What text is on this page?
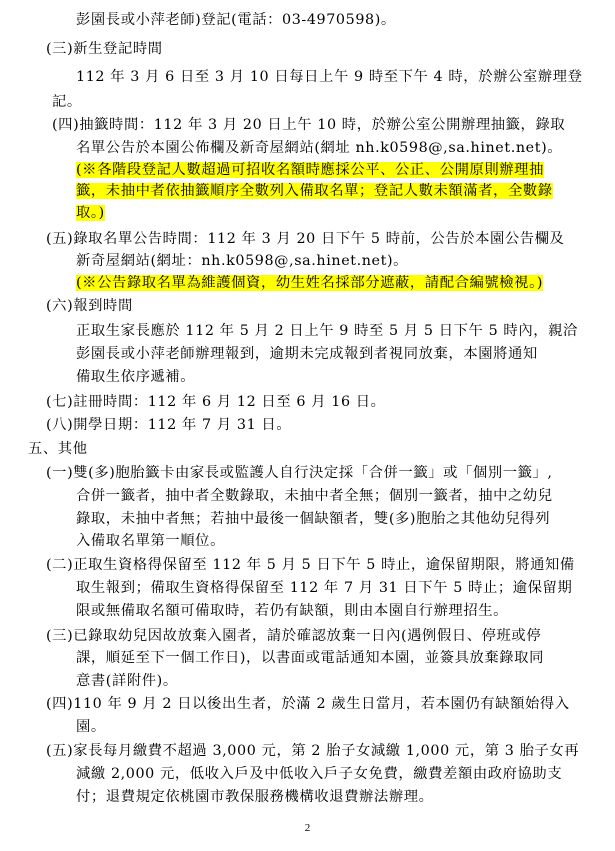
彭園長或小萍老師)登記(電話：03-4970598)。
(三)新生登記時間
112 年 3 月 6 日至 3 月 10 日每日上午 9 時至下午 4 時，於辦公室辦理登
記。
(四)抽籤時間：112 年 3 月 20 日上午 10 時，於辦公室公開辦理抽籤，錄取
名單公告於本園公佈欄及新奇屋網站(網址 nh.k0598@,sa.hinet.net)。
(※各階段登記人數超過可招收名額時應採公平、公正、公開原則辦理抽
籤，未抽中者依抽籤順序全數列入備取名單；登記人數未額滿者，全數錄
取。)
(五)錄取名單公告時間：112 年 3 月 20 日下午 5 時前，公告於本園公告欄及
新奇屋網站(網址：nh.k0598@,sa.hinet.net)。
(※公告錄取名單為維護個資，幼生姓名採部分遮蔽，請配合編號檢視。)
(六)報到時間
正取生家長應於 112 年 5 月 2 日上午 9 時至 5 月 5 日下午 5 時內，親洽
彭園長或小萍老師辦理報到，逾期未完成報到者視同放棄，本園將通知
備取生依序遞補。
(七)註冊時間：112 年 6 月 12 日至 6 月 16 日。
(八)開學日期：112 年 7 月 31 日。
五、其他
(一)雙(多)胞胎籤卡由家長或監護人自行決定採「合併一籤」或「個別一籤」,
合併一籤者，抽中者全數錄取，未抽中者全無；個別一籤者，抽中之幼兒
錄取，未抽中者無；若抽中最後一個缺額者，雙(多)胞胎之其他幼兒得列
入備取名單第一順位。
(二)正取生資格得保留至 112 年 5 月 5 日下午 5 時止，逾保留期限，將通知備
取生報到；備取生資格得保留至 112 年 7 月 31 日下午 5 時止；逾保留期
限或無備取名額可備取時，若仍有缺額，則由本園自行辦理招生。
(三)已錄取幼兒因故放棄入園者，請於確認放棄一日內(遇例假日、停班或停
課，順延至下一個工作日)，以書面或電話通知本園，並簽具放棄錄取同
意書(詳附件)。
(四)110 年 9 月 2 日以後出生者，於滿 2 歲生日當月，若本園仍有缺額始得入
園。
(五)家長每月繳費不超過 3,000 元，第 2 胎子女減繳 1,000 元，第 3 胎子女再
減繳 2,000 元，低收入戶及中低收入戶子女免費，繳費差額由政府協助支
付；退費規定依桃園市教保服務機構收退費辦法辦理。
2
